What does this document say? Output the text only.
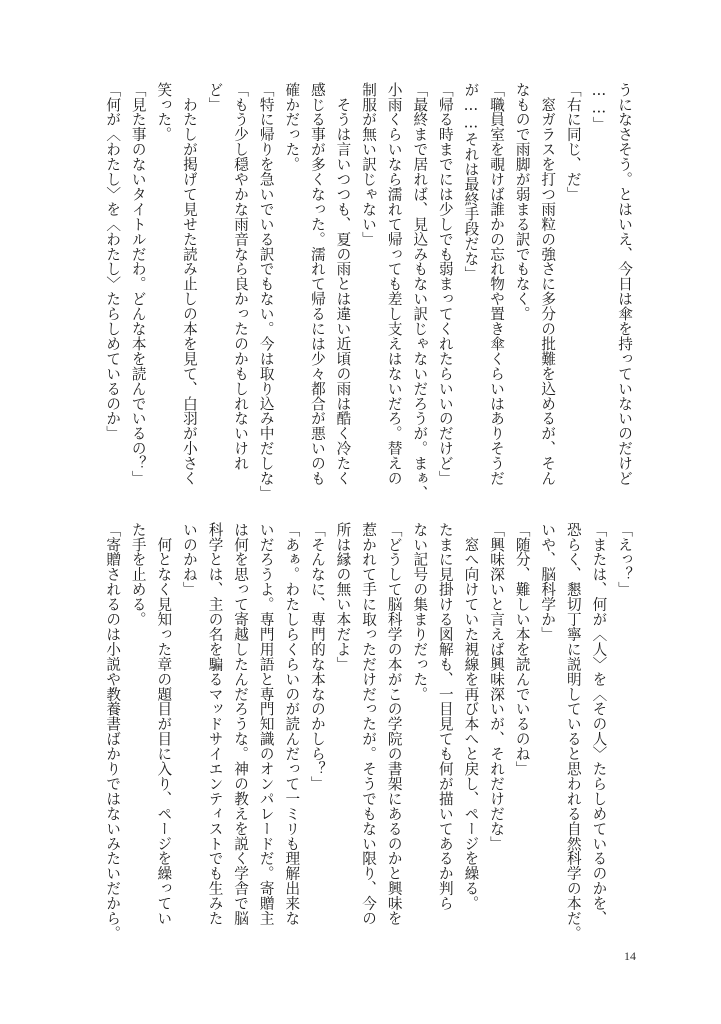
うになさそう。とはいえ、今日は傘を持っていないのだけど
……」
「右に同じ、だ」
　窓ガラスを打つ雨粒の強さに多分の批難を込めるが、そん
なもので雨脚が弱まる訳でもなく。
「職員室を覗けば誰かの忘れ物や置き傘くらいはありそうだ
が……それは最終手段だな」
「帰る時までには少しでも弱まってくれたらいいのだけど」
「最終まで居れば、見込みもない訳じゃないだろうが。まぁ、
小雨くらいなら濡れて帰っても差し支えはないだろ。替えの
制服が無い訳じゃない」
　そうは言いつつも、夏の雨とは違い近頃の雨は酷く冷たく
感じる事が多くなった。濡れて帰るには少々都合が悪いのも
確かだった。
「特に帰りを急いでいる訳でもない。今は取り込み中だしな」
「もう少し穏やかな雨音なら良かったのかもしれないけれ
ど」
　わたしが掲げて見せた読み止しの本を見て、白羽が小さく
笑った。
「見た事のないタイトルだわ。どんな本を読んでいるの？」
「何が〈わたし〉を〈わたし〉たらしめているのか」
「えっ？」
「または、何が〈人〉を〈その人〉たらしめているのかを、
恐らく、懇切丁寧に説明していると思われる自然科学の本だ。
いや、脳科学か」
「随分、難しい本を読んでいるのね」
「興味深いと言えば興味深いが、それだけだな」
　窓へ向けていた視線を再び本へと戻し、ページを繰る。
たまに見掛ける図解も、一目見ても何が描いてあるか判ら
ない記号の集まりだった。
「どうして脳科学の本がこの学院の書架にあるのかと興味を
惹かれて手に取っただけだったが。そうでもない限り、今の
所は縁の無い本だよ」
「そんなに、専門的な本なのかしら？」
「あぁ。わたしらくらいのが読んだって一ミリも理解出来な
いだろうよ。専門用語と専門知識のオンパレードだ。寄贈主
は何を思って寄越したんだろうな。神の教えを説く学舎で脳
科学とは、主の名を騙るマッドサイエンティストでも生みた
いのかね」
　何となく見知った章の題目が目に入り、ページを繰ってい
た手を止める。
「寄贈されるのは小説や教養書ばかりではないみたいだから。
14
